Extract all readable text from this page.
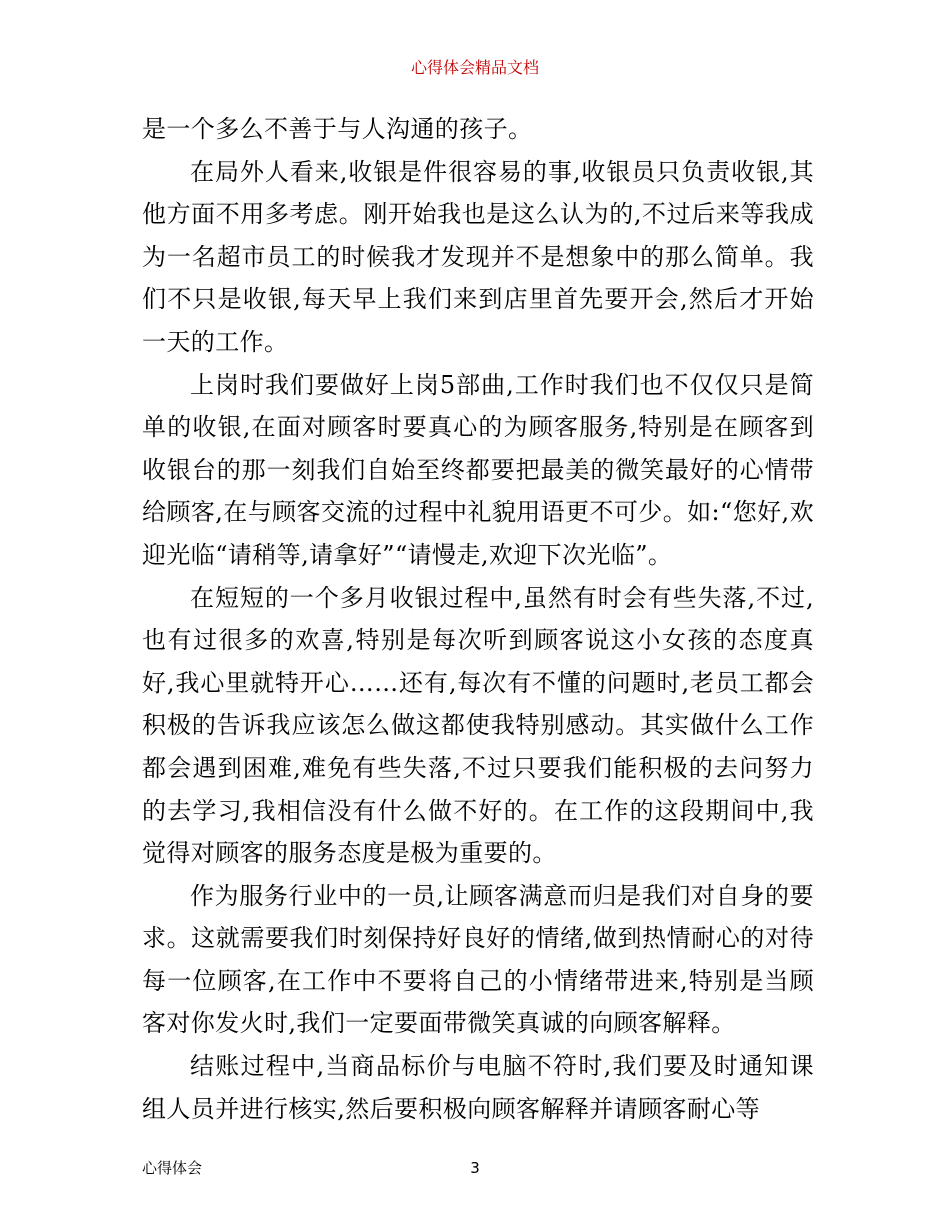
心得体会精品文档

是一个多么不善于与人沟通的孩子。

在局外人看来,收银是件很容易的事,收银员只负责收银,其他方面不用多考虑。刚开始我也是这么认为的,不过后来等我成为一名超市员工的时候我才发现并不是想象中的那么简单。我们不只是收银,每天早上我们来到店里首先要开会,然后才开始一天的工作。

上岗时我们要做好上岗5部曲,工作时我们也不仅仅只是简单的收银,在面对顾客时要真心的为顾客服务,特别是在顾客到收银台的那一刻我们自始至终都要把最美的微笑最好的心情带给顾客,在与顾客交流的过程中礼貌用语更不可少。如:“您好,欢迎光临“请稍等,请拿好”“请慢走,欢迎下次光临”。

在短短的一个多月收银过程中,虽然有时会有些失落,不过,也有过很多的欢喜,特别是每次听到顾客说这小女孩的态度真好,我心里就特开心……还有,每次有不懂的问题时,老员工都会积极的告诉我应该怎么做这都使我特别感动。其实做什么工作都会遇到困难,难免有些失落,不过只要我们能积极的去问努力的去学习,我相信没有什么做不好的。在工作的这段期间中,我觉得对顾客的服务态度是极为重要的。

作为服务行业中的一员,让顾客满意而归是我们对自身的要求。这就需要我们时刻保持好良好的情绪,做到热情耐心的对待每一位顾客,在工作中不要将自己的小情绪带进来,特别是当顾客对你发火时,我们一定要面带微笑真诚的向顾客解释。

结账过程中,当商品标价与电脑不符时,我们要及时通知课组人员并进行核实,然后要积极向顾客解释并请顾客耐心等

心得体会	3
